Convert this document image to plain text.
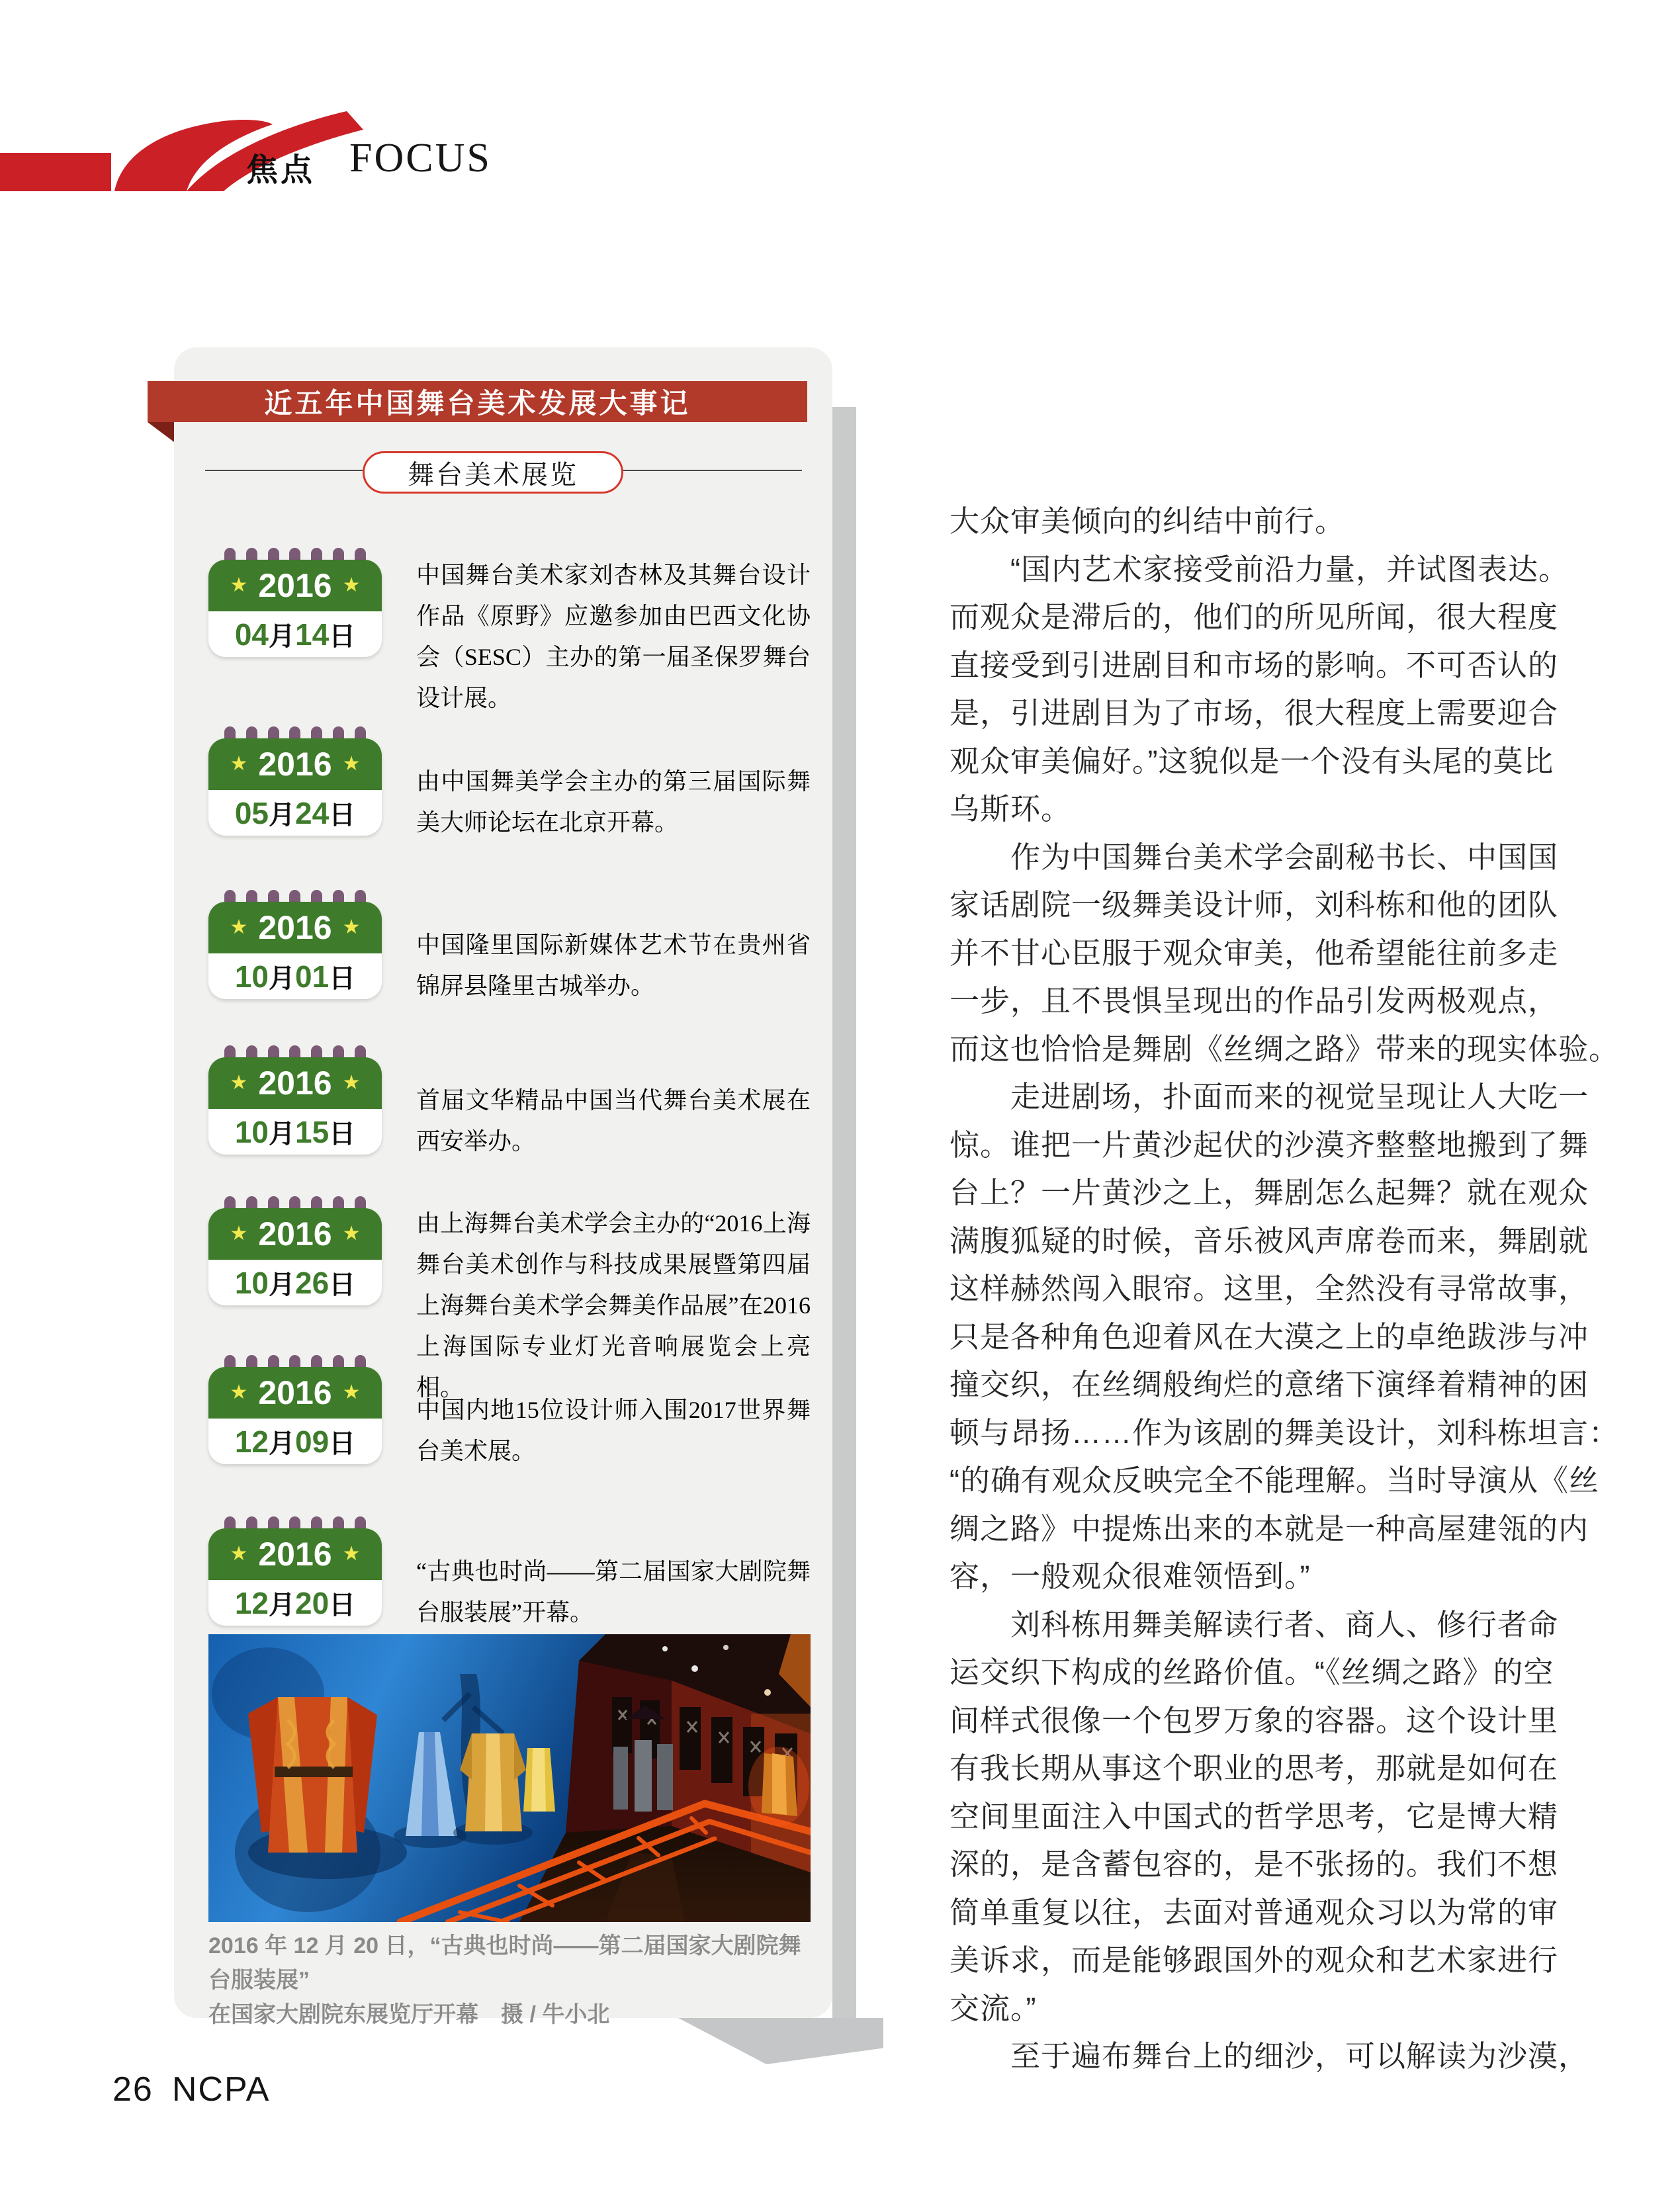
焦点 FOCUS
舞台美术展览
★ 2016 ★
04 月 14 日
中国舞台美术家刘杏林及其舞台设计作品《原野》应邀参加由巴西文化协会（SESC）主办的第一届圣保罗舞台设计展。
★ 2016 ★
05 月 24 日
由中国舞美学会主办的第三届国际舞美大师论坛在北京开幕。
★ 2016 ★
10 月 01 日
中国隆里国际新媒体艺术节在贵州省锦屏县隆里古城举办。
★ 2016 ★
10 月 15 日
首届文华精品中国当代舞台美术展在西安举办。
★ 2016 ★
10 月 26 日
由上海舞台美术学会主办的“2016上海舞台美术创作与科技成果展暨第四届上海舞台美术学会舞美作品展”在2016上海国际专业灯光音响展览会上亮相。
★ 2016 ★
12 月 09 日
中国内地15位设计师入围2017世界舞台美术展。
★ 2016 ★
12 月 20 日
“古典也时尚——第二届国家大剧院舞台服装展”开幕。
2016 年 12 月 20 日，“古典也时尚——第二届国家大剧院舞台服装展”
在国家大剧院东展览厅开幕　摄 / 牛小北
近五年中国舞台美术发展大事记
大众审美倾向的纠结中前行。
　　“国内艺术家接受前沿力量，并试图表达。
而观众是滞后的，他们的所见所闻，很大程度
直接受到引进剧目和市场的影响。不可否认的
是，引进剧目为了市场，很大程度上需要迎合
观众审美偏好。”这貌似是一个没有头尾的莫比
乌斯环。
　　作为中国舞台美术学会副秘书长、中国国
家话剧院一级舞美设计师，刘科栋和他的团队
并不甘心臣服于观众审美，他希望能往前多走
一步，且不畏惧呈现出的作品引发两极观点，
而这也恰恰是舞剧《丝绸之路》带来的现实体验。
　　走进剧场，扑面而来的视觉呈现让人大吃一
惊。谁把一片黄沙起伏的沙漠齐整整地搬到了舞
台上？一片黄沙之上，舞剧怎么起舞？就在观众
满腹狐疑的时候，音乐被风声席卷而来，舞剧就
这样赫然闯入眼帘。这里，全然没有寻常故事，
只是各种角色迎着风在大漠之上的卓绝跋涉与冲
撞交织，在丝绸般绚烂的意绪下演绎着精神的困
顿与昂扬……作为该剧的舞美设计，刘科栋坦言：
“的确有观众反映完全不能理解。当时导演从《丝
绸之路》中提炼出来的本就是一种高屋建瓴的内
容，一般观众很难领悟到。”
　　刘科栋用舞美解读行者、商人、修行者命
运交织下构成的丝路价值。“《丝绸之路》的空
间样式很像一个包罗万象的容器。这个设计里
有我长期从事这个职业的思考，那就是如何在
空间里面注入中国式的哲学思考，它是博大精
深的，是含蓄包容的，是不张扬的。我们不想
简单重复以往，去面对普通观众习以为常的审
美诉求，而是能够跟国外的观众和艺术家进行
交流。”
　　至于遍布舞台上的细沙，可以解读为沙漠，
26 NCPA
